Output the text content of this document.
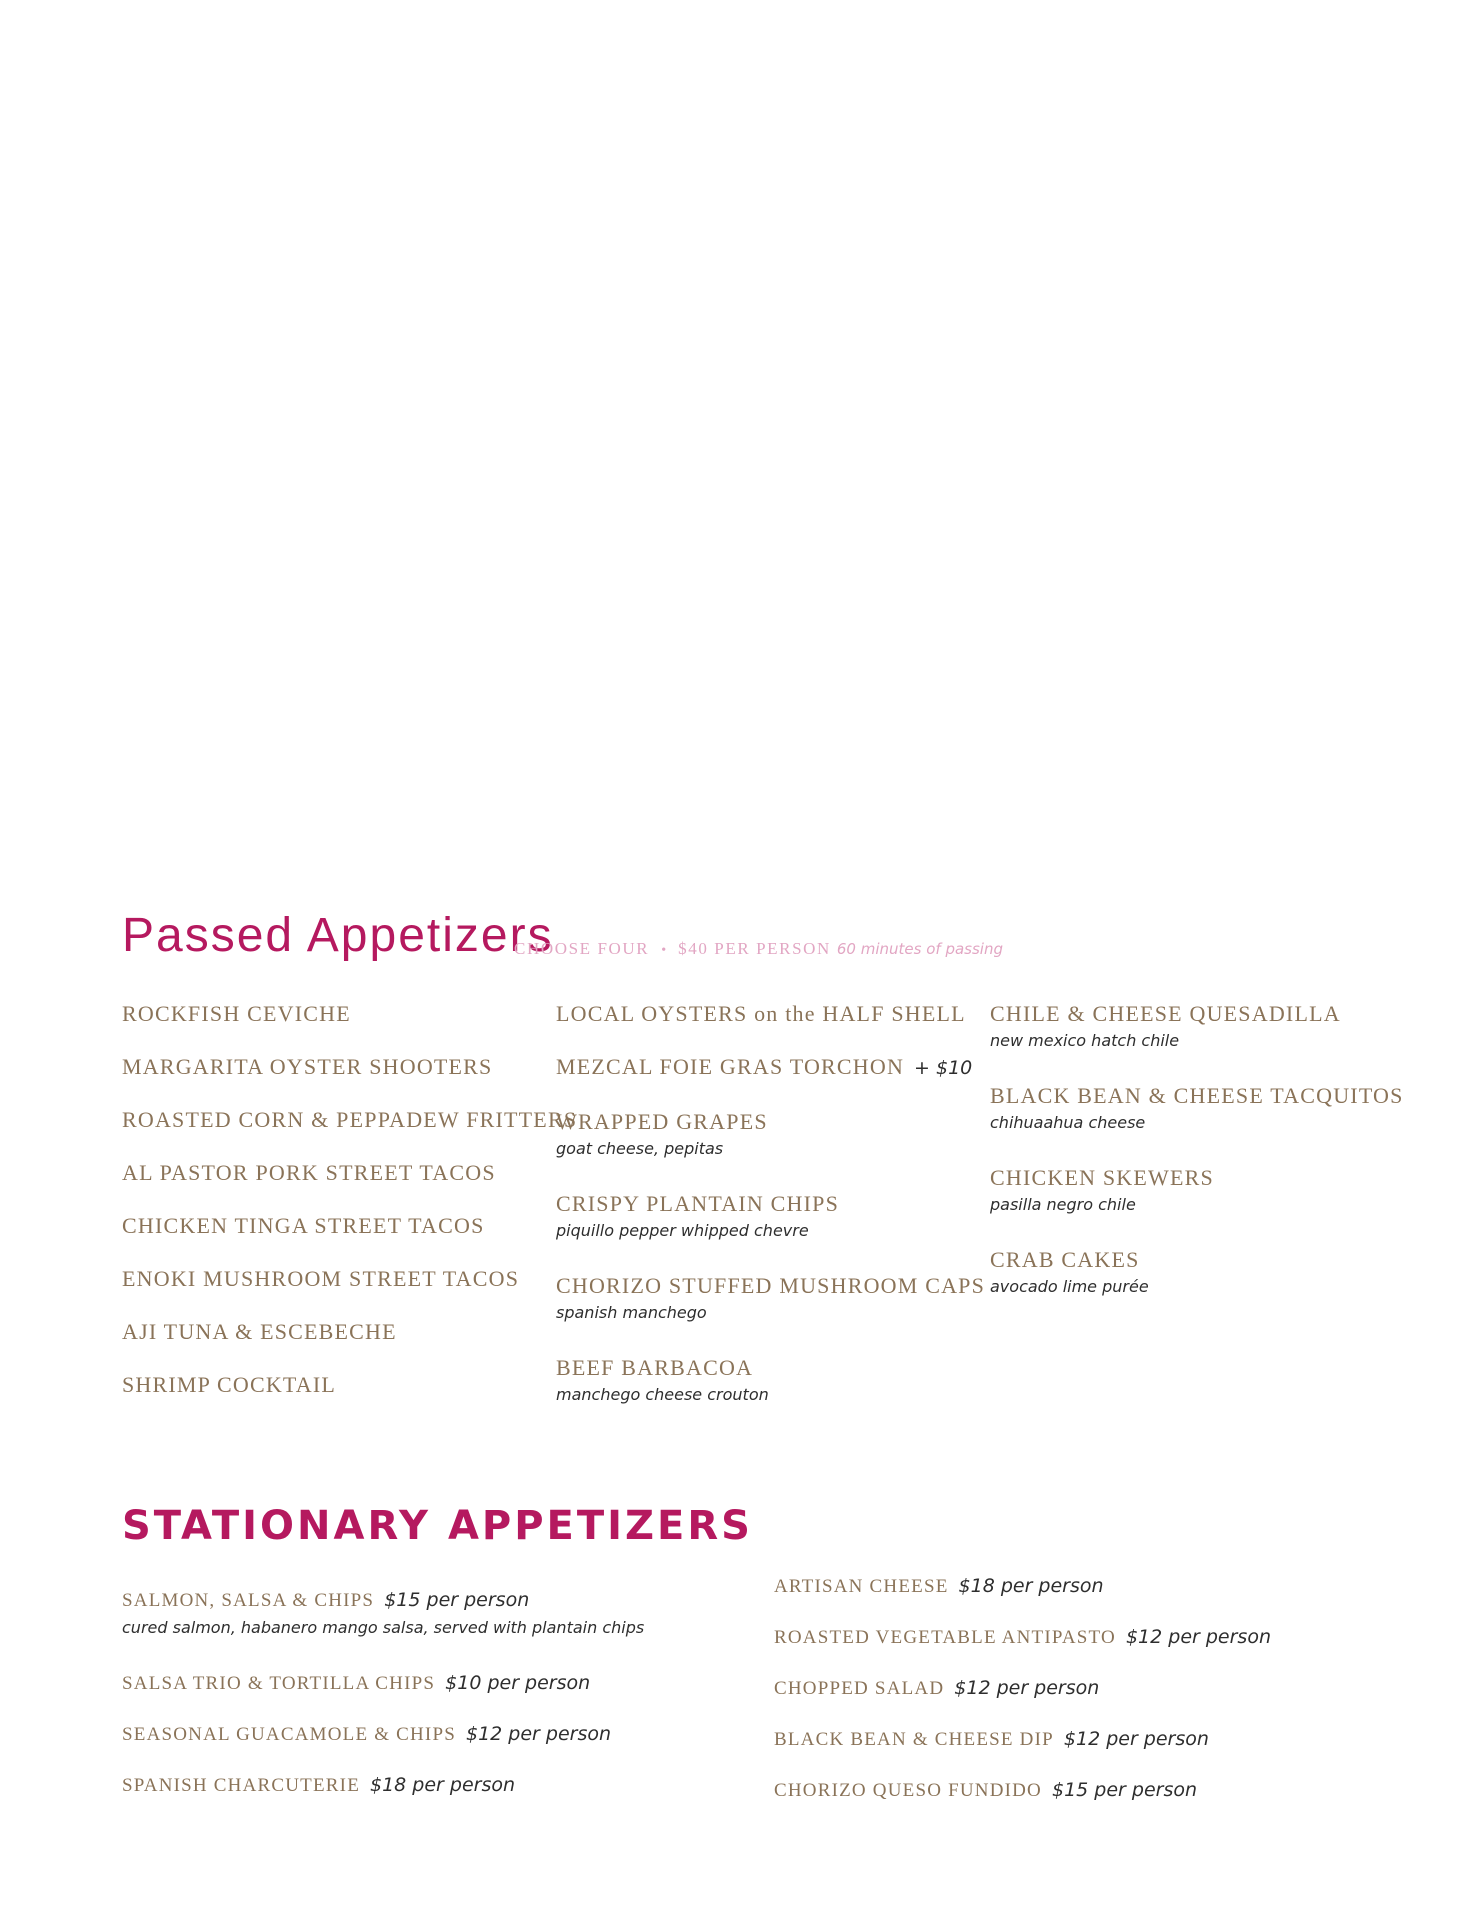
Passed Appetizers
CHOOSE FOUR • $40 PER PERSON 60 minutes of passing
ROCKFISH CEVICHE
MARGARITA OYSTER SHOOTERS
ROASTED CORN & PEPPADEW FRITTERS
AL PASTOR PORK STREET TACOS
CHICKEN TINGA STREET TACOS
ENOKI MUSHROOM STREET TACOS
AJI TUNA & ESCEBECHE
SHRIMP COCKTAIL
LOCAL OYSTERS on the HALF SHELL
MEZCAL FOIE GRAS TORCHON + $10
WRAPPED GRAPES
goat cheese, pepitas
CRISPY PLANTAIN CHIPS
piquillo pepper whipped chevre
CHORIZO STUFFED MUSHROOM CAPS
spanish manchego
BEEF BARBACOA
manchego cheese crouton
CHILE & CHEESE QUESADILLA
new mexico hatch chile
BLACK BEAN & CHEESE TACQUITOS
chihuaahua cheese
CHICKEN SKEWERS
pasilla negro chile
CRAB CAKES
avocado lime purée
STATIONARY APPETIZERS
SALMON, SALSA & CHIPS $15 per person
cured salmon, habanero mango salsa, served with plantain chips
SALSA TRIO & TORTILLA CHIPS $10 per person
SEASONAL GUACAMOLE & CHIPS $12 per person
SPANISH CHARCUTERIE $18 per person
ARTISAN CHEESE $18 per person
ROASTED VEGETABLE ANTIPASTO $12 per person
CHOPPED SALAD $12 per person
BLACK BEAN & CHEESE DIP $12 per person
CHORIZO QUESO FUNDIDO $15 per person
